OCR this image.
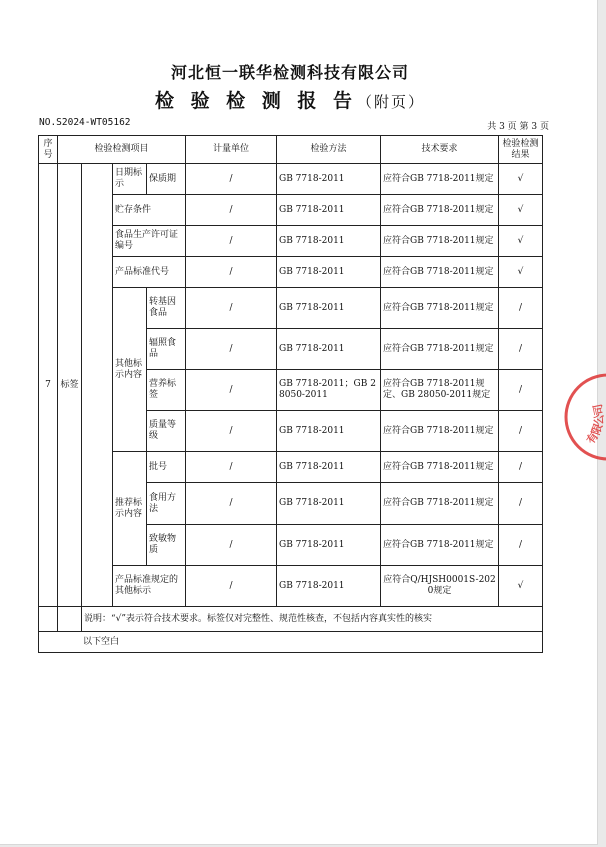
河北恒一联华检测科技有限公司
检 验 检 测 报 告（附页）
NO.S2024-WT05162	共 3 页 第 3 页
序号	检验检测项目				计量单位	检验方法	技术要求	检验检测结果	
7	标签		日期标示	保质期	/	GB 7718-2011	应符合GB 7718-2011规定	√	
			贮存条件		/	GB 7718-2011	应符合GB 7718-2011规定	√	
			食品生产许可证编号		/	GB 7718-2011	应符合GB 7718-2011规定	√	
			产品标准代号		/	GB 7718-2011	应符合GB 7718-2011规定	√	
			其他标示内容	转基因食品	/	GB 7718-2011	应符合GB 7718-2011规定	/	
				辐照食品	/	GB 7718-2011	应符合GB 7718-2011规定	/	
				营养标签	/	GB 7718-2011；GB 28050-2011	应符合GB 7718-2011规定、GB 28050-2011规定	/	
				质量等级	/	GB 7718-2011	应符合GB 7718-2011规定	/	
			推荐标示内容	批号	/	GB 7718-2011	应符合GB 7718-2011规定	/	
				食用方法	/	GB 7718-2011	应符合GB 7718-2011规定	/	
				致敏物质	/	GB 7718-2011	应符合GB 7718-2011规定	/	
			产品标准规定的其他标示		/	GB 7718-2011	应符合Q/HJSH0001S-2020规定	√	
		说明：“√”表示符合技术要求。标签仅对完整性、规范性核查，不包括内容真实性的核实							
以下空白									
有限公司
